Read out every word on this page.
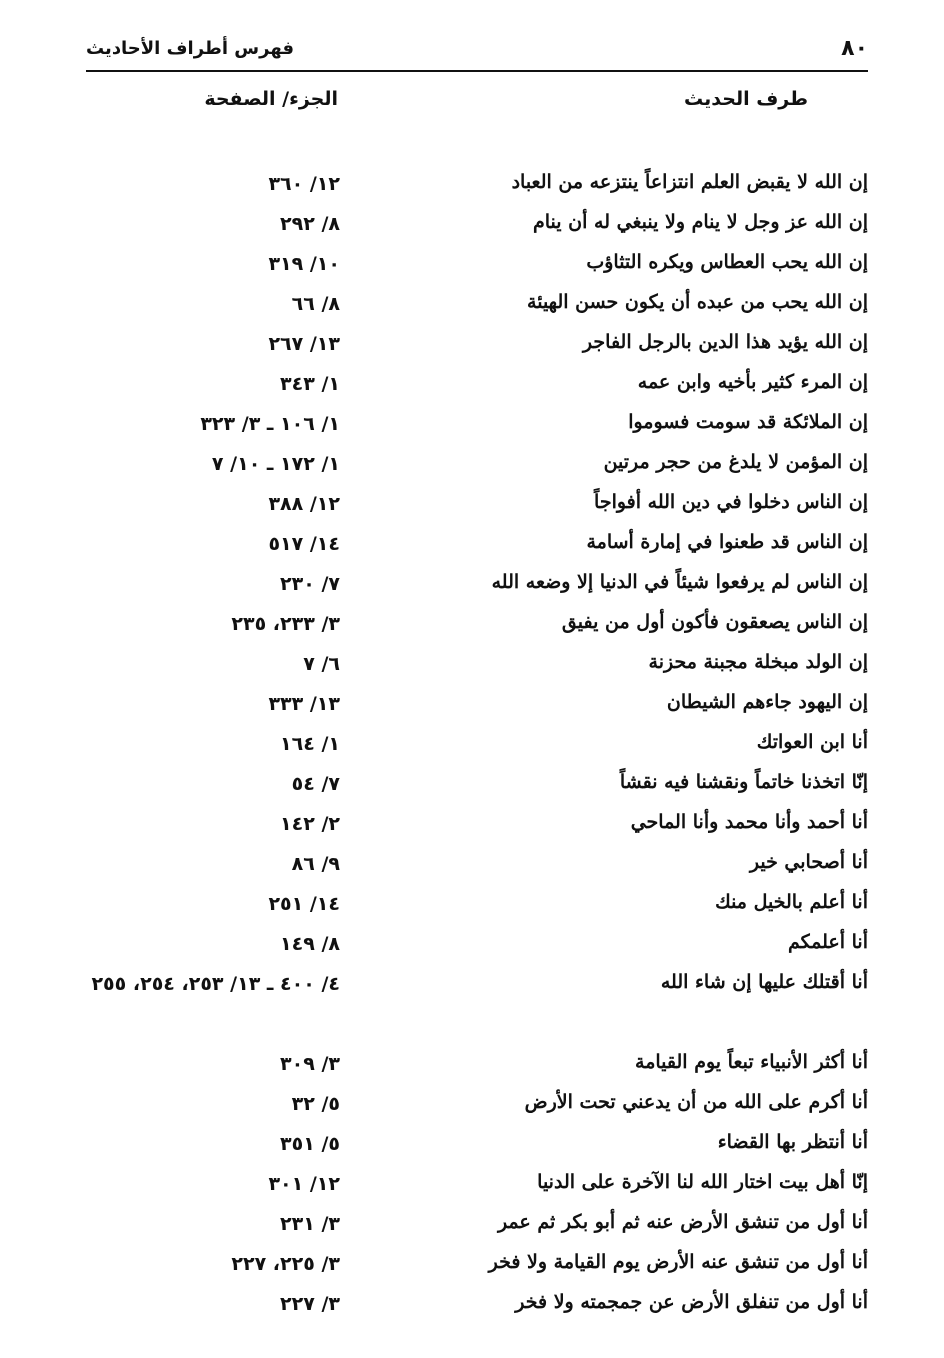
٨٠
فهرس أطراف الأحاديث
طرف الحديث
الجزء/ الصفحة
إن الله لا يقبض العلم انتزاعاً ينتزعه من العباد
١٢/ ٣٦٠
إن الله عز وجل لا ينام ولا ينبغي له أن ينام
٨/ ٢٩٢
إن الله يحب العطاس ويكره التثاؤب
١٠/ ٣١٩
إن الله يحب من عبده أن يكون حسن الهيئة
٨/ ٦٦
إن الله يؤيد هذا الدين بالرجل الفاجر
١٣/ ٢٦٧
إن المرء كثير بأخيه وابن عمه
١/ ٣٤٣
إن الملائكة قد سومت فسوموا
١/ ١٠٦ ـ ٣/ ٣٢٣
إن المؤمن لا يلدغ من حجر مرتين
١/ ١٧٢ ـ ١٠/ ٧
إن الناس دخلوا في دين الله أفواجاً
١٢/ ٣٨٨
إن الناس قد طعنوا في إمارة أسامة
١٤/ ٥١٧
إن الناس لم يرفعوا شيئاً في الدنيا إلا وضعه الله
٧/ ٢٣٠
إن الناس يصعقون فأكون أول من يفيق
٣/ ٢٣٣، ٢٣٥
إن الولد مبخلة مجبنة محزنة
٦/ ٧
إن اليهود جاءهم الشيطان
١٣/ ٣٣٣
أنا ابن العواتك
١/ ١٦٤
إنّا اتخذنا خاتماً ونقشنا فيه نقشاً
٧/ ٥٤
أنا أحمد وأنا محمد وأنا الماحي
٢/ ١٤٢
أنا أصحابي خير
٩/ ٨٦
أنا أعلم بالخيل منك
١٤/ ٢٥١
أنا أعلمكم
٨/ ١٤٩
أنا أقتلك عليها إن شاء الله
٤/ ٤٠٠ ـ ١٣/ ٢٥٣، ٢٥٤، ٢٥٥
أنا أكثر الأنبياء تبعاً يوم القيامة
٣/ ٣٠٩
أنا أكرم على الله من أن يدعني تحت الأرض
٥/ ٣٢
أنا أنتظر بها القضاء
٥/ ٣٥١
إنّا أهل بيت اختار الله لنا الآخرة على الدنيا
١٢/ ٣٠١
أنا أول من تنشق الأرض عنه ثم أبو بكر ثم عمر
٣/ ٢٣١
أنا أول من تنشق عنه الأرض يوم القيامة ولا فخر
٣/ ٢٢٥، ٢٢٧
أنا أول من تنفلق الأرض عن جمجمته ولا فخر
٣/ ٢٢٧
